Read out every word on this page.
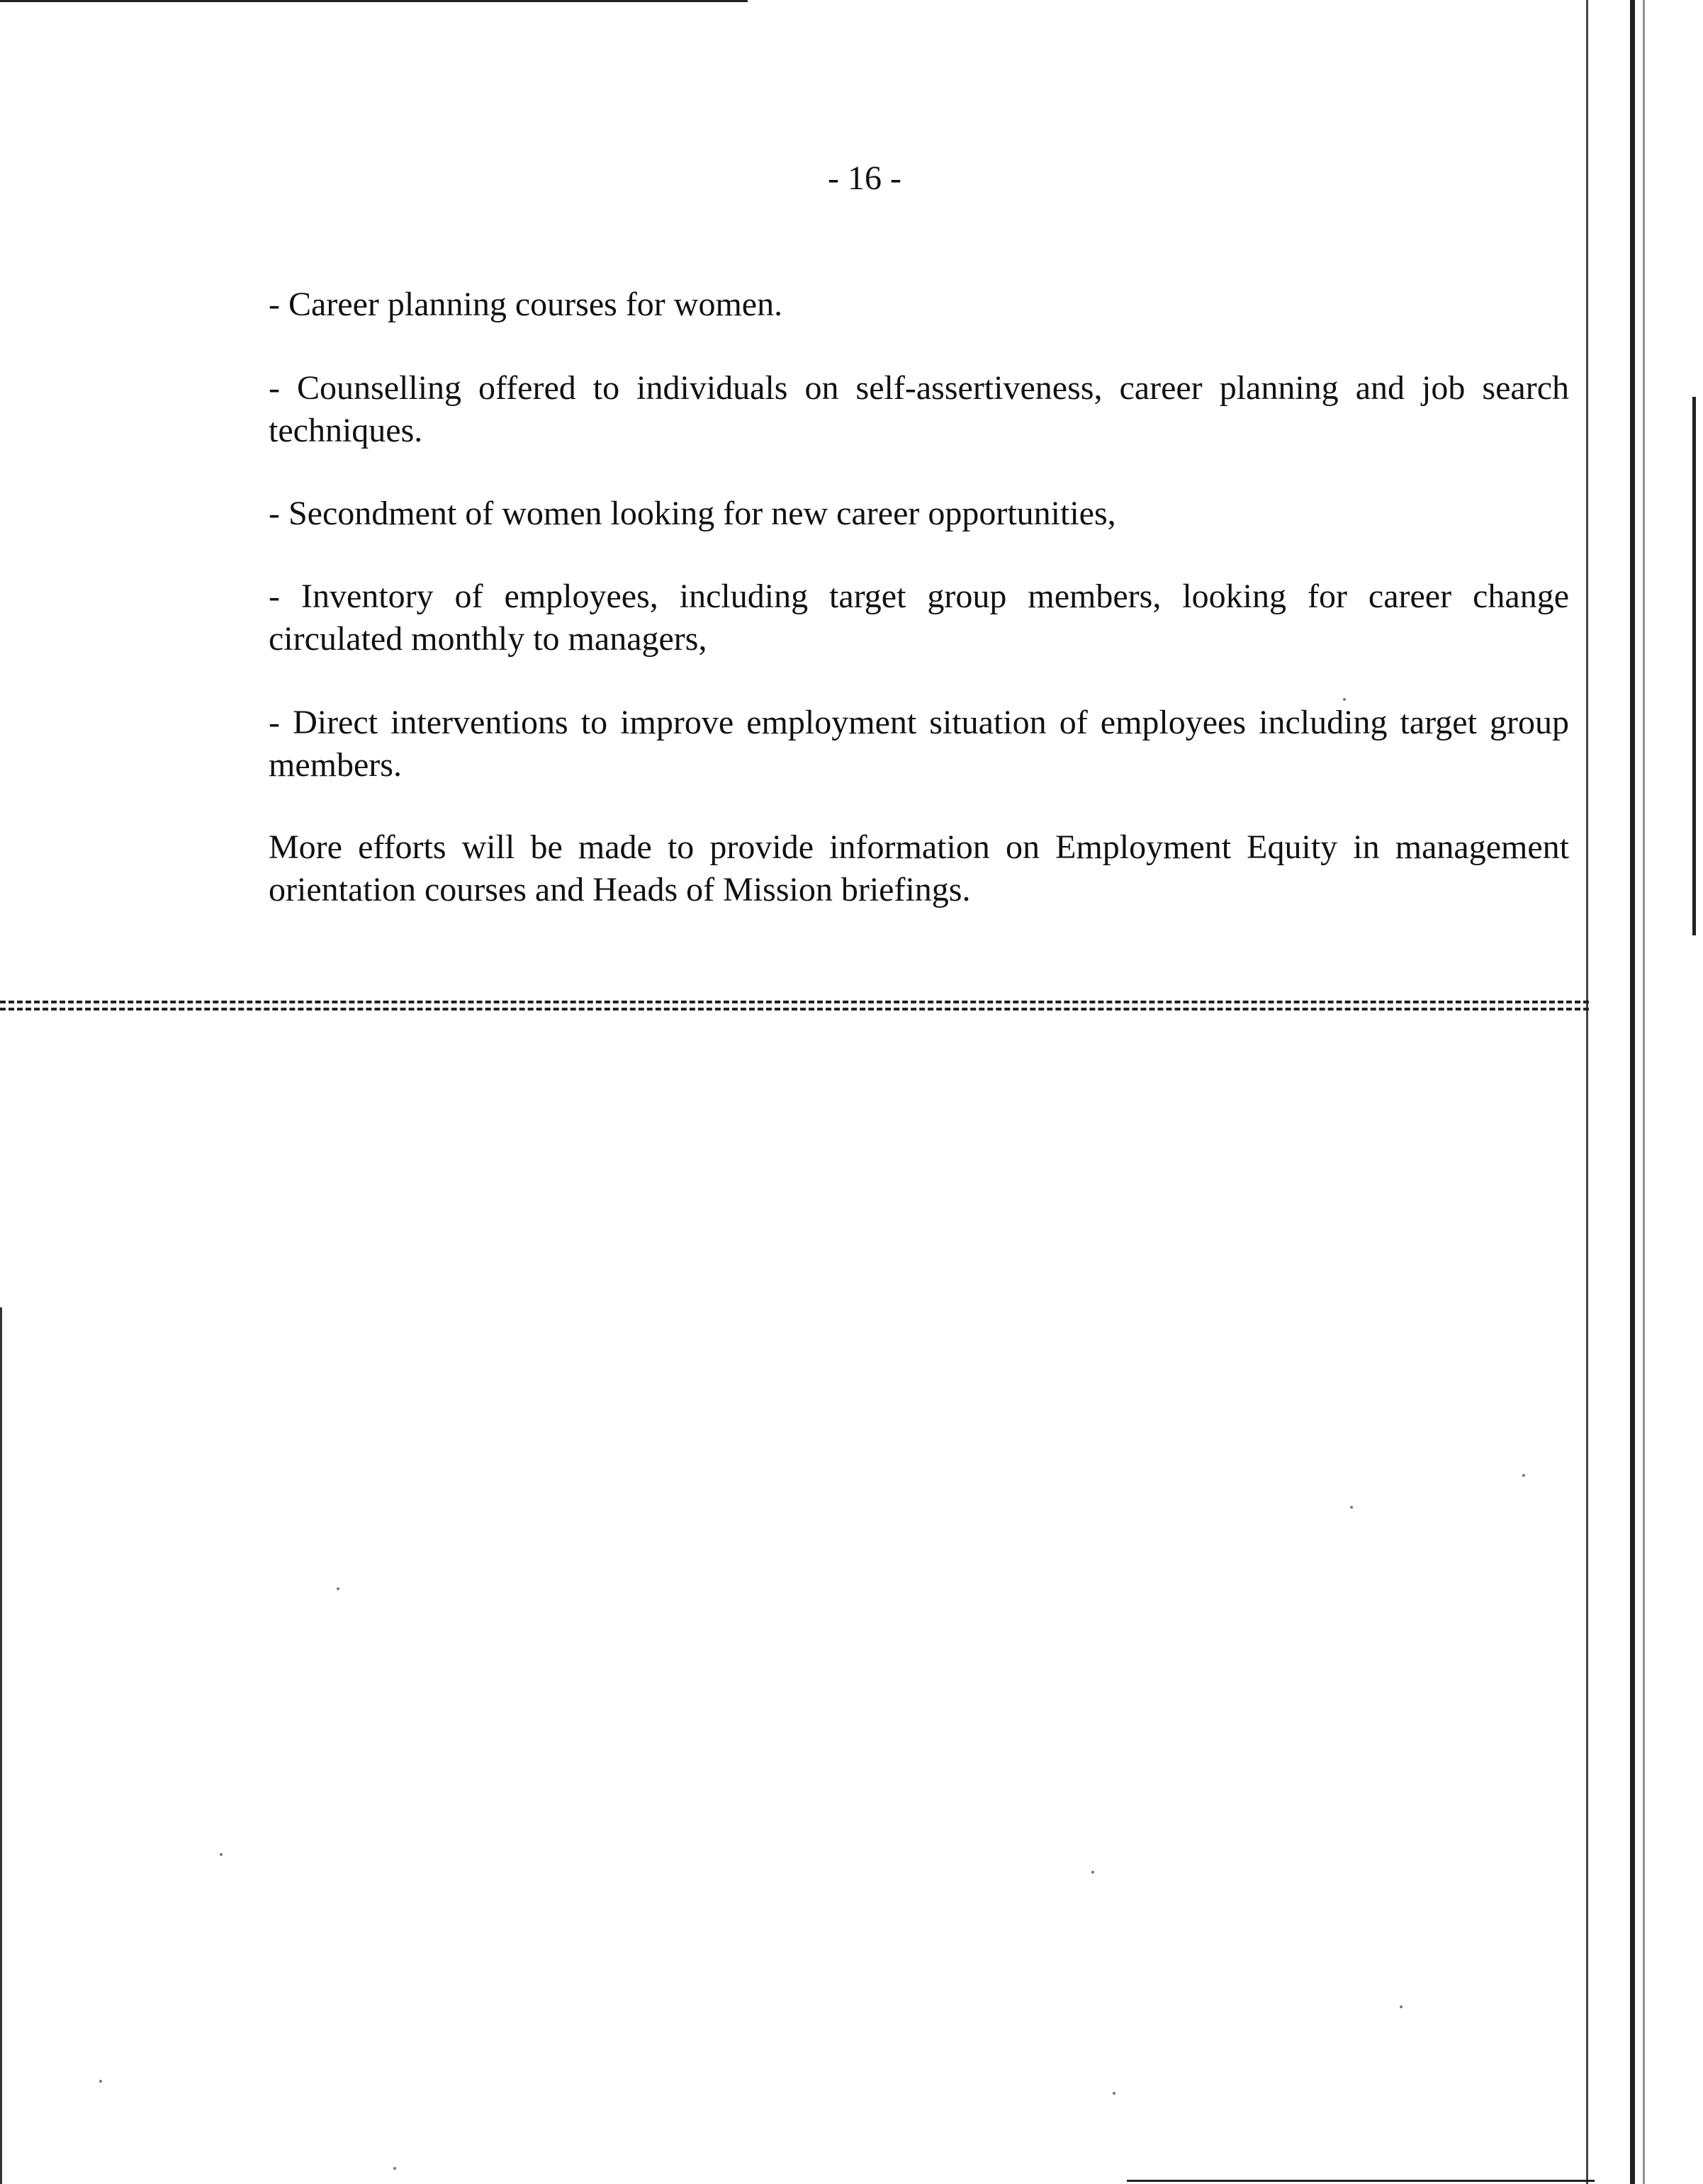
- 16 -

- Career planning courses for women.

- Counselling offered to individuals on self-assertiveness, career planning and job search techniques.

- Secondment of women looking for new career opportunities,

- Inventory of employees, including target group members, looking for career change circulated monthly to managers,

- Direct interventions to improve employment situation of employees including target group members.

More efforts will be made to provide information on Employment Equity in management orientation courses and Heads of Mission briefings.
